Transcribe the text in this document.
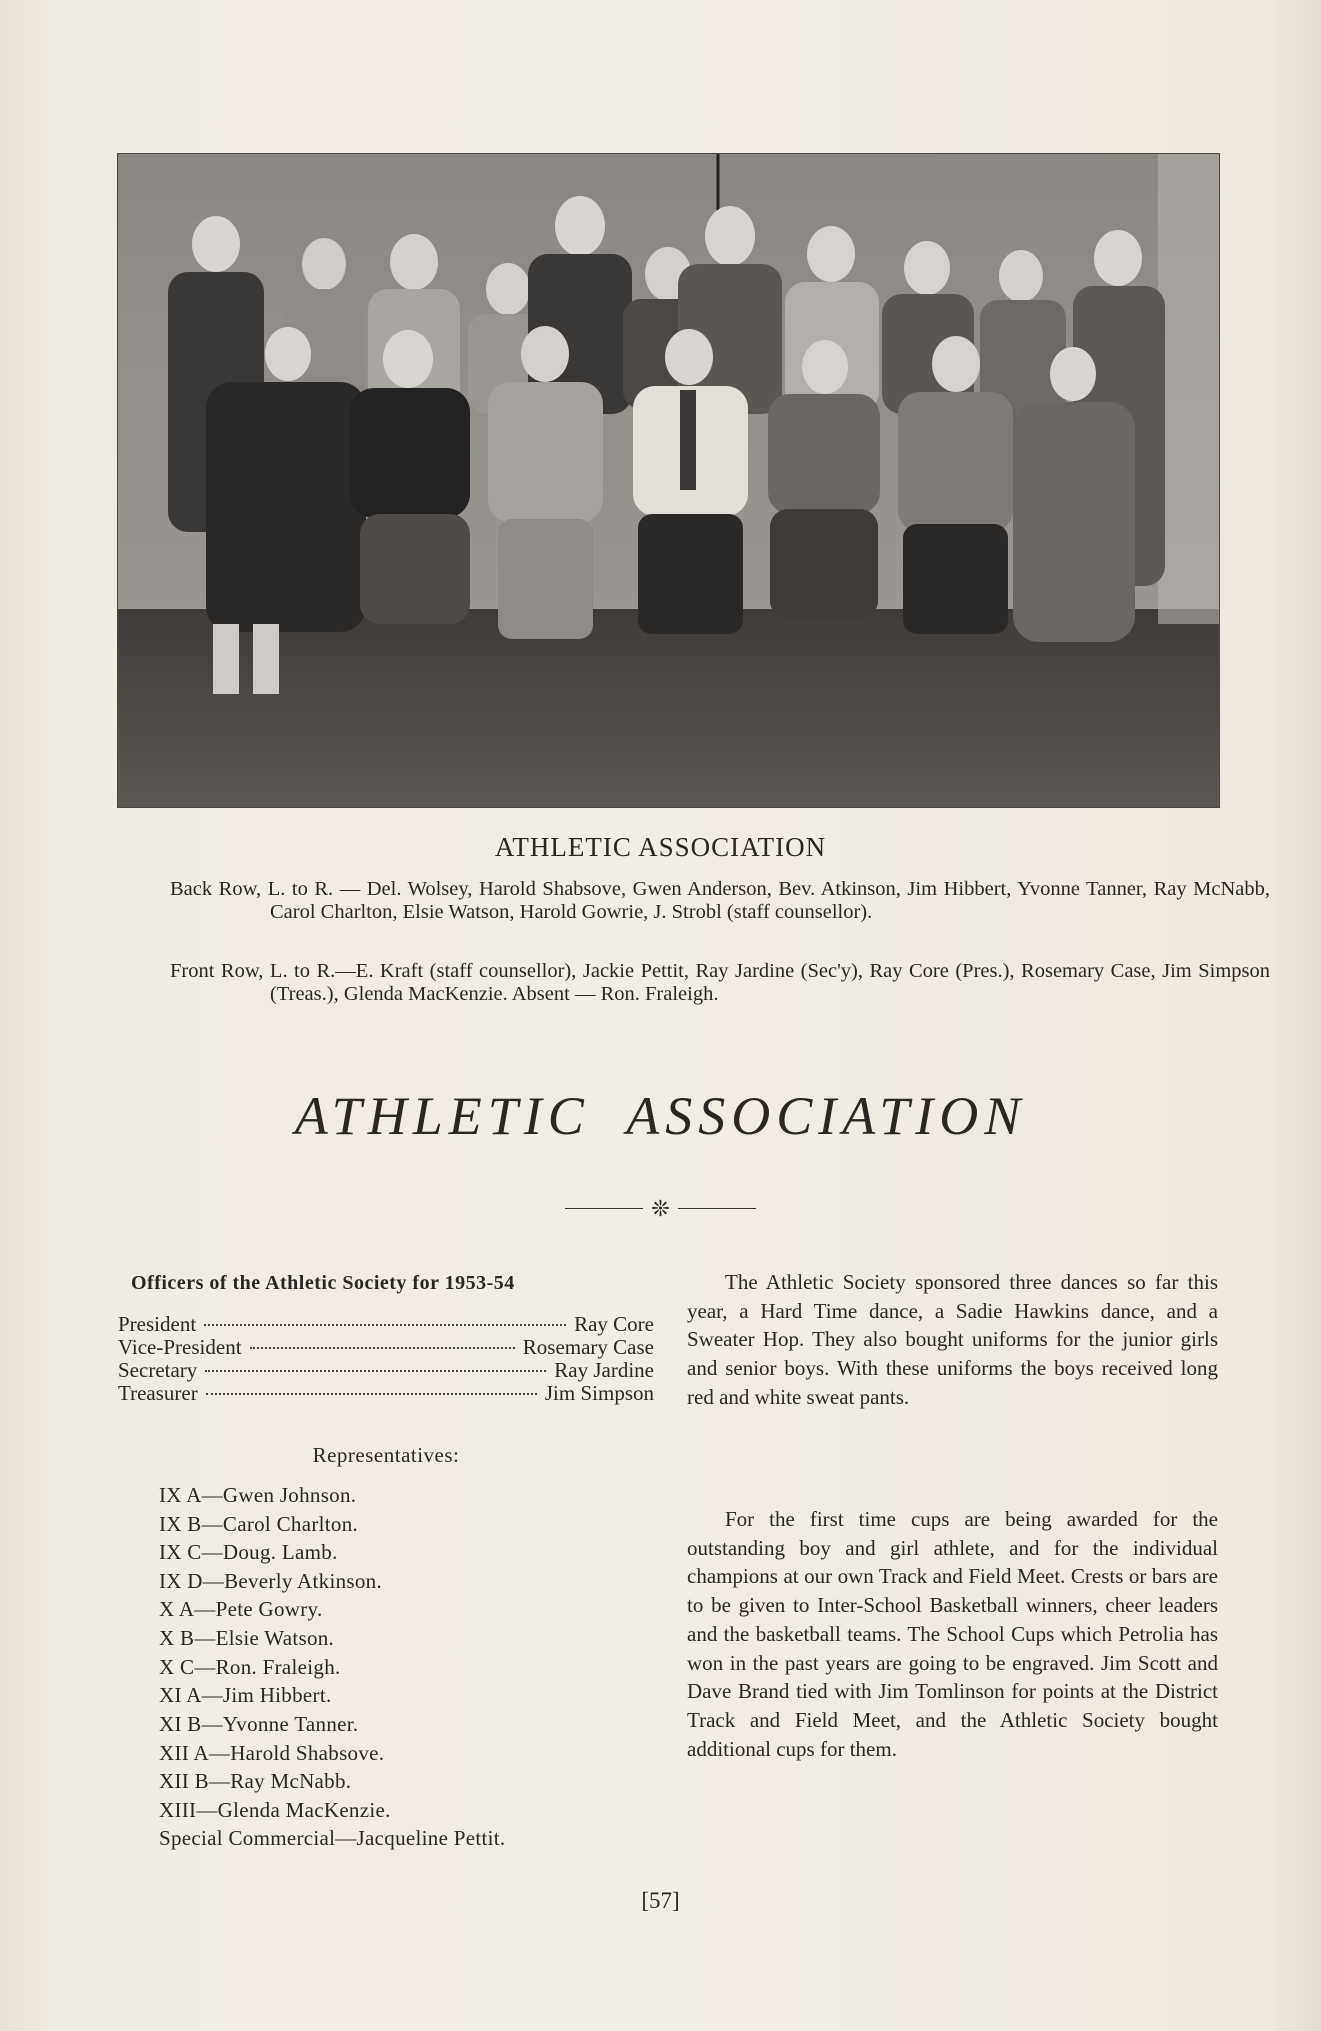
ATHLETIC ASSOCIATION
Back Row, L. to R. — Del. Wolsey, Harold Shabsove, Gwen Anderson, Bev. Atkinson, Jim Hibbert, Yvonne Tanner, Ray McNabb, Carol Charlton, Elsie Watson, Harold Gowrie, J. Strobl (staff counsellor).
Front Row, L. to R.—E. Kraft (staff counsellor), Jackie Pettit, Ray Jardine (Sec'y), Ray Core (Pres.), Rosemary Case, Jim Simpson (Treas.), Glenda MacKenzie. Absent — Ron. Fraleigh.
ATHLETIC ASSOCIATION
❊
Officers of the Athletic Society for 1953-54
President	Ray Core
Vice-President	Rosemary Case
Secretary	Ray Jardine
Treasurer	Jim Simpson
Representatives:
IX A—Gwen Johnson.
IX B—Carol Charlton.
IX C—Doug. Lamb.
IX D—Beverly Atkinson.
X A—Pete Gowry.
X B—Elsie Watson.
X C—Ron. Fraleigh.
XI A—Jim Hibbert.
XI B—Yvonne Tanner.
XII A—Harold Shabsove.
XII B—Ray McNabb.
XIII—Glenda MacKenzie.
Special Commercial—Jacqueline Pettit.
The Athletic Society sponsored three dances so far this year, a Hard Time dance, a Sadie Hawkins dance, and a Sweater Hop. They also bought uniforms for the junior girls and senior boys. With these uniforms the boys received long red and white sweat pants.
For the first time cups are being awarded for the outstanding boy and girl athlete, and for the individual champions at our own Track and Field Meet. Crests or bars are to be given to Inter-School Basketball winners, cheer leaders and the basketball teams. The School Cups which Petrolia has won in the past years are going to be engraved. Jim Scott and Dave Brand tied with Jim Tomlinson for points at the District Track and Field Meet, and the Athletic Society bought additional cups for them.
[57]
